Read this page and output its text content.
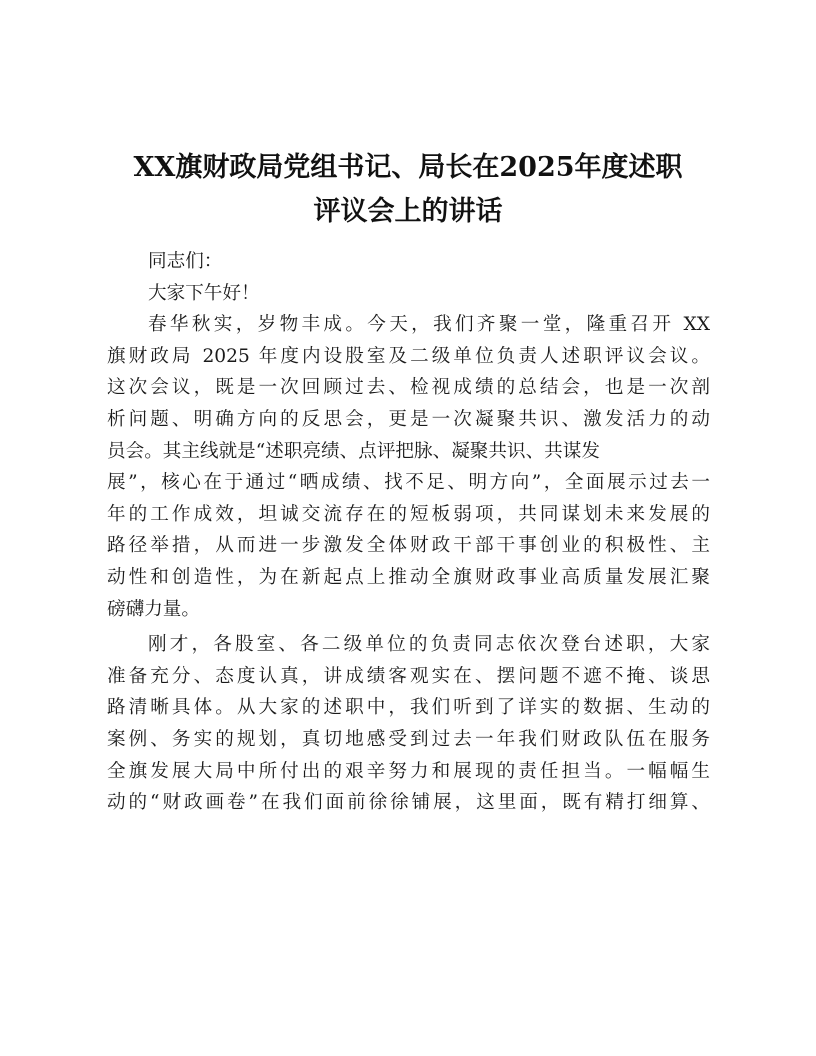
XX旗财政局党组书记、局长在2025年度述职
评议会上的讲话
同志们：
大家下午好！
春华秋实，岁物丰成。今天，我们齐聚一堂，隆重召开 XX
旗财政局 2025 年度内设股室及二级单位负责人述职评议会议。
这次会议，既是一次回顾过去、检视成绩的总结会，也是一次剖
析问题、明确方向的反思会，更是一次凝聚共识、激发活力的动
员会。其主线就是“述职亮绩、点评把脉、凝聚共识、共谋发
展”，核心在于通过“晒成绩、找不足、明方向”，全面展示过去一
年的工作成效，坦诚交流存在的短板弱项，共同谋划未来发展的
路径举措，从而进一步激发全体财政干部干事创业的积极性、主
动性和创造性，为在新起点上推动全旗财政事业高质量发展汇聚
磅礴力量。
刚才，各股室、各二级单位的负责同志依次登台述职，大家
准备充分、态度认真，讲成绩客观实在、摆问题不遮不掩、谈思
路清晰具体。从大家的述职中，我们听到了详实的数据、生动的
案例、务实的规划，真切地感受到过去一年我们财政队伍在服务
全旗发展大局中所付出的艰辛努力和展现的责任担当。一幅幅生
动的“财政画卷”在我们面前徐徐铺展，这里面，既有精打细算、
